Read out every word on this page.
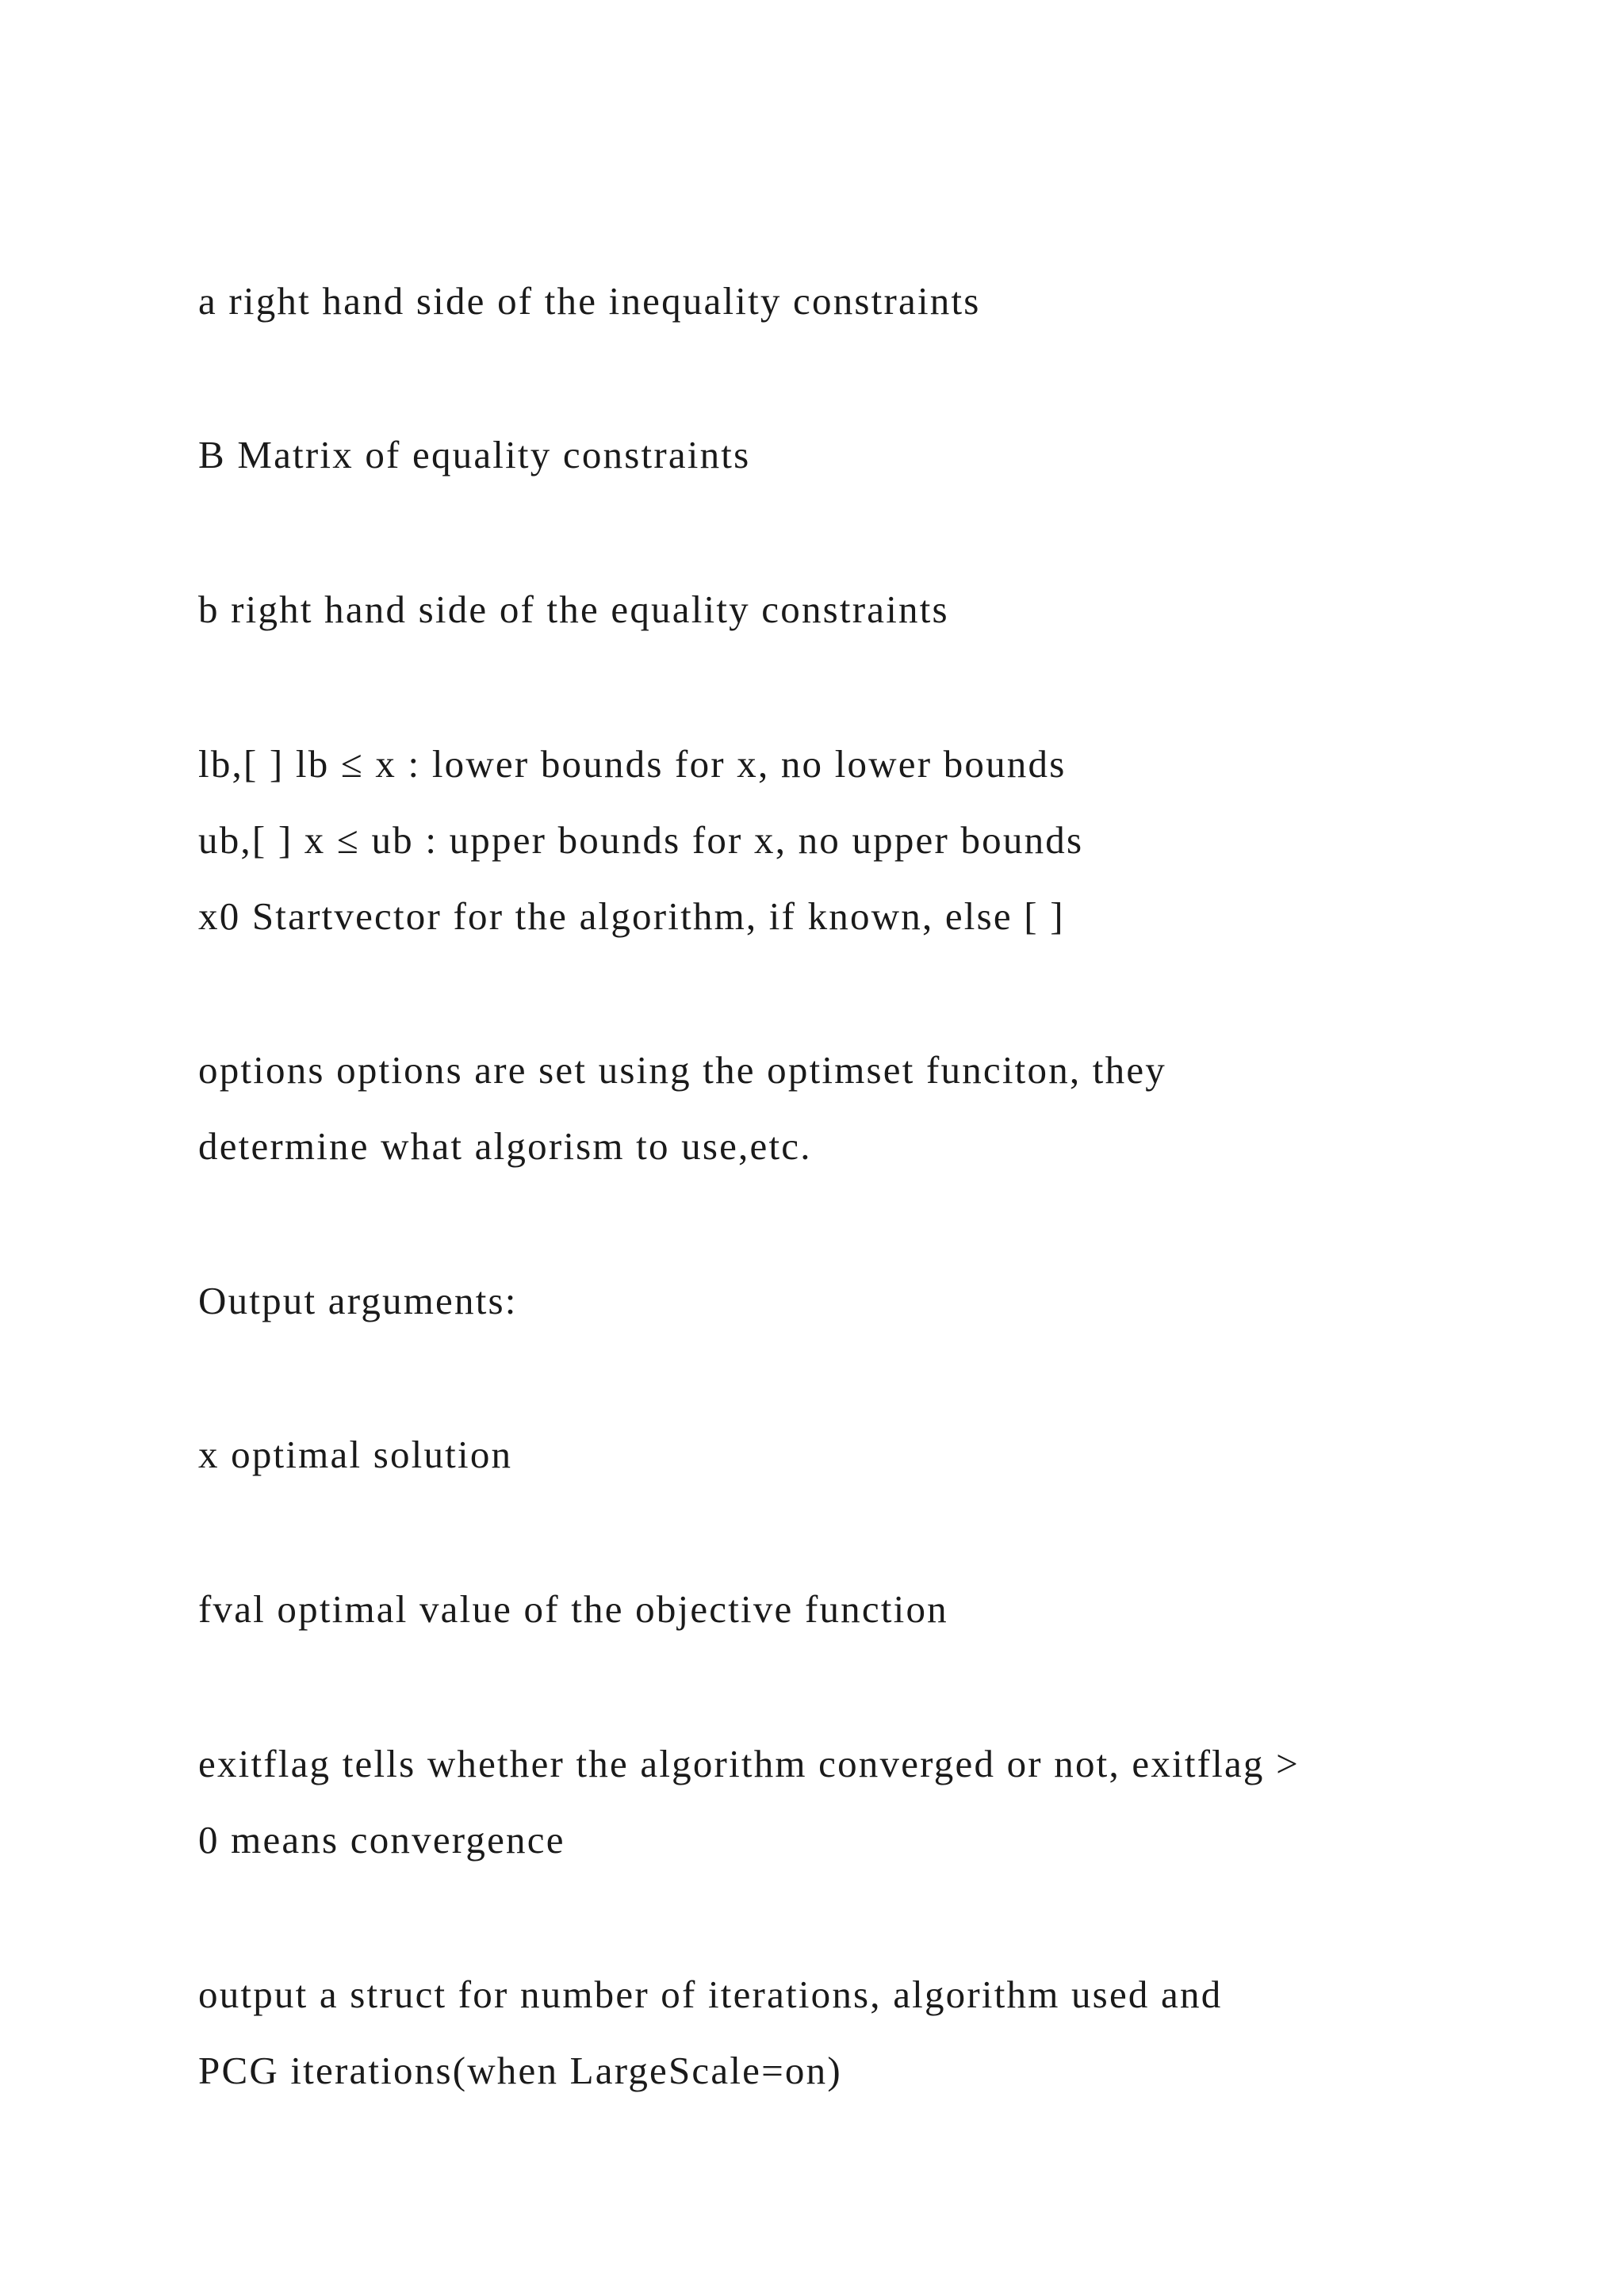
a right hand side of the inequality constraints

B Matrix of equality constraints

b right hand side of the equality constraints

lb,[ ] lb ≤ x : lower bounds for x, no lower bounds

ub,[ ] x ≤ ub : upper bounds for x, no upper bounds

x0 Startvector for the algorithm, if known, else [ ]

options options are set using the optimset funciton, they

determine what algorism to use,etc.

Output arguments:

x optimal solution

fval optimal value of the objective function

exitflag tells whether the algorithm converged or not, exitflag >

0 means convergence

output a struct for number of iterations, algorithm used and

PCG iterations(when LargeScale=on)
